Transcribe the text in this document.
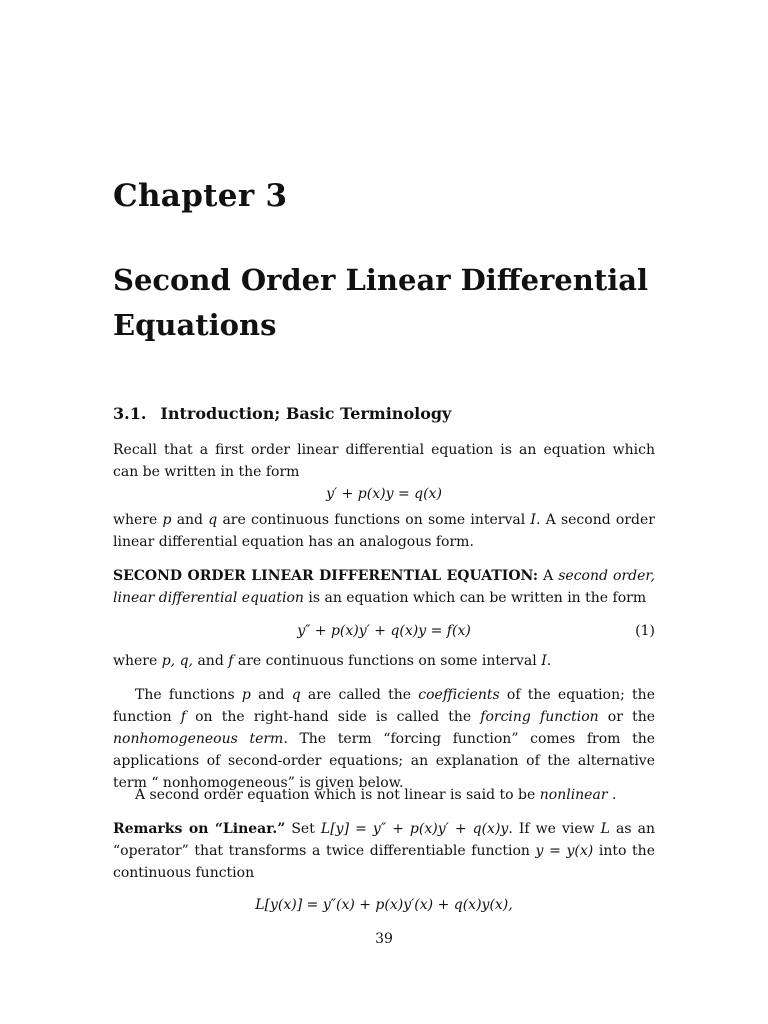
Chapter 3
Second Order Linear Differential Equations
3.1. Introduction; Basic Terminology
Recall that a first order linear differential equation is an equation which can be written in the form
y′ + p(x)y = q(x)
where p and q are continuous functions on some interval I. A second order linear differential equation has an analogous form.
SECOND ORDER LINEAR DIFFERENTIAL EQUATION: A second order, linear differential equation is an equation which can be written in the form
y″ + p(x)y′ + q(x)y = f(x)	(1)
where p, q, and f are continuous functions on some interval I.
The functions p and q are called the coefficients of the equation; the function f on the right-hand side is called the forcing function or the nonhomogeneous term. The term “forcing function” comes from the applications of second-order equations; an explanation of the alternative term “ nonhomogeneous” is given below.
A second order equation which is not linear is said to be nonlinear .
Remarks on “Linear.” Set L[y] = y″ + p(x)y′ + q(x)y. If we view L as an “operator” that transforms a twice differentiable function y = y(x) into the continuous function
L[y(x)] = y″(x) + p(x)y′(x) + q(x)y(x),
39
